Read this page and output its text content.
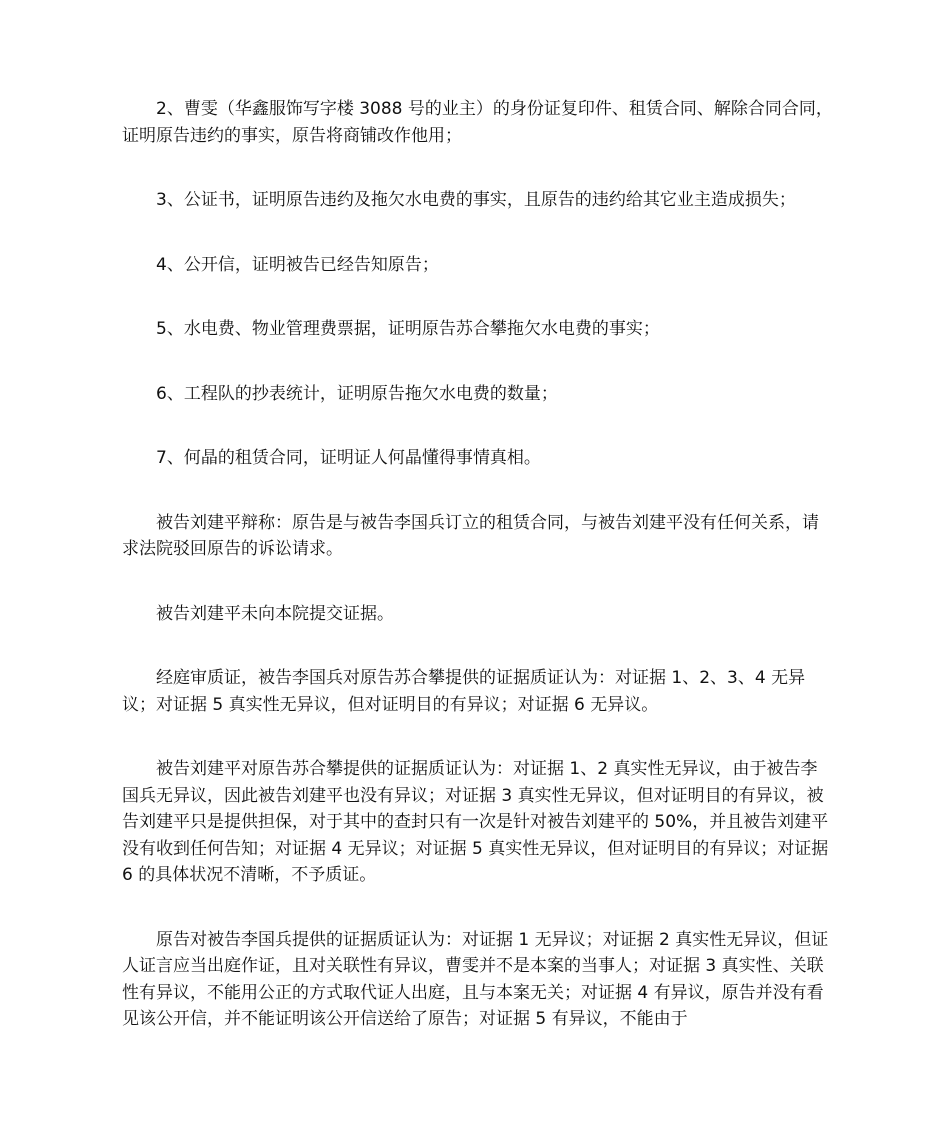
2、曹雯（华鑫服饰写字楼 3088 号的业主）的身份证复印件、租赁合同、解除合同合同，证明原告违约的事实，原告将商铺改作他用；

3、公证书，证明原告违约及拖欠水电费的事实，且原告的违约给其它业主造成损失；

4、公开信，证明被告已经告知原告；

5、水电费、物业管理费票据，证明原告苏合攀拖欠水电费的事实；

6、工程队的抄表统计，证明原告拖欠水电费的数量；

7、何晶的租赁合同，证明证人何晶懂得事情真相。

被告刘建平辩称：原告是与被告李国兵订立的租赁合同，与被告刘建平没有任何关系，请求法院驳回原告的诉讼请求。

被告刘建平未向本院提交证据。

经庭审质证，被告李国兵对原告苏合攀提供的证据质证认为：对证据 1、2、3、4 无异议；对证据 5 真实性无异议，但对证明目的有异议；对证据 6 无异议。

被告刘建平对原告苏合攀提供的证据质证认为：对证据 1、2 真实性无异议，由于被告李国兵无异议，因此被告刘建平也没有异议；对证据 3 真实性无异议，但对证明目的有异议，被告刘建平只是提供担保，对于其中的查封只有一次是针对被告刘建平的 50%，并且被告刘建平没有收到任何告知；对证据 4 无异议；对证据 5 真实性无异议，但对证明目的有异议；对证据 6 的具体状况不清晰，不予质证。

原告对被告李国兵提供的证据质证认为：对证据 1 无异议；对证据 2 真实性无异议，但证人证言应当出庭作证，且对关联性有异议，曹雯并不是本案的当事人；对证据 3 真实性、关联性有异议，不能用公正的方式取代证人出庭，且与本案无关；对证据 4 有异议，原告并没有看见该公开信，并不能证明该公开信送给了原告；对证据 5 有异议，不能由于
